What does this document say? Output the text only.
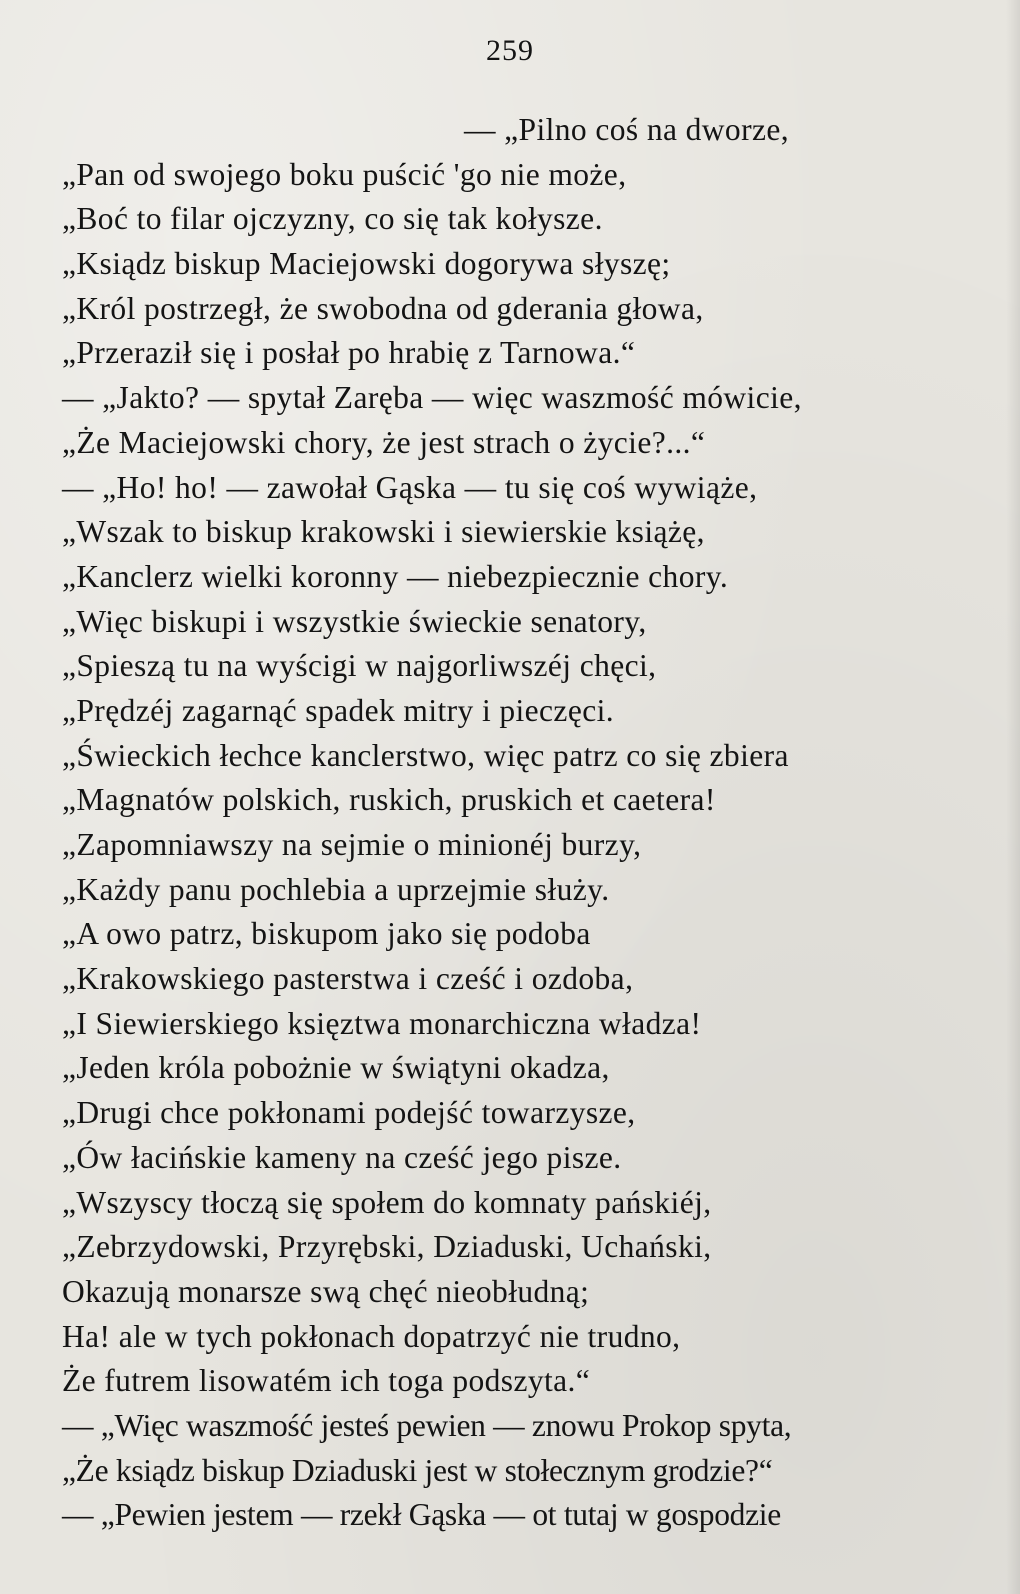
259
— „Pilno coś na dworze,
„Pan od swojego boku puścić 'go nie może,
„Boć to filar ojczyzny, co się tak kołysze.
„Ksiądz biskup Maciejowski dogorywa słyszę;
„Król postrzegł, że swobodna od gderania głowa,
„Przeraził się i posłał po hrabię z Tarnowa.“
— „Jakto? — spytał Zaręba — więc waszmość mówicie,
„Że Maciejowski chory, że jest strach o życie?...“
— „Ho! ho! — zawołał Gąska — tu się coś wywiąże,
„Wszak to biskup krakowski i siewierskie książę,
„Kanclerz wielki koronny — niebezpiecznie chory.
„Więc biskupi i wszystkie świeckie senatory,
„Spieszą tu na wyścigi w najgorliwszéj chęci,
„Prędzéj zagarnąć spadek mitry i pieczęci.
„Świeckich łechce kanclerstwo, więc patrz co się zbiera
„Magnatów polskich, ruskich, pruskich et caetera!
„Zapomniawszy na sejmie o minionéj burzy,
„Każdy panu pochlebia a uprzejmie służy.
„A owo patrz, biskupom jako się podoba
„Krakowskiego pasterstwa i cześć i ozdoba,
„I Siewierskiego księztwa monarchiczna władza!
„Jeden króla pobożnie w świątyni okadza,
„Drugi chce pokłonami podejść towarzysze,
„Ów łacińskie kameny na cześć jego pisze.
„Wszyscy tłoczą się społem do komnaty pańskiéj,
„Zebrzydowski, Przyrębski, Dziaduski, Uchański,
Okazują monarsze swą chęć nieobłudną;
Ha! ale w tych pokłonach dopatrzyć nie trudno,
Że futrem lisowatém ich toga podszyta.“
— „Więc waszmość jesteś pewien — znowu Prokop spyta,
„Że ksiądz biskup Dziaduski jest w stołecznym grodzie?“
— „Pewien jestem — rzekł Gąska — ot tutaj w gospodzie
